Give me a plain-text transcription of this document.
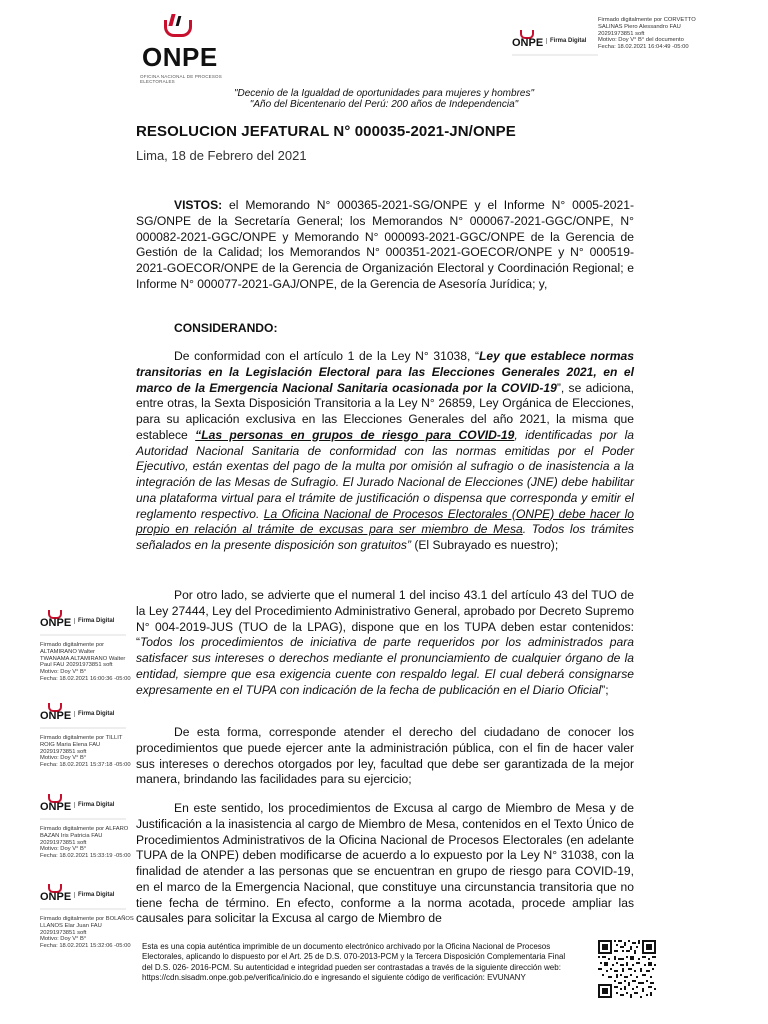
ONPE
OFICINA NACIONAL DE PROCESOS ELECTORALES
ONPE	Firma Digital
Firmado digitalmente por CORVETTO
SALINAS Piero Alessandro FAU
20291973851 soft
Motivo: Doy V° B° del documento
Fecha: 18.02.2021 16:04:49 -05:00
"Decenio de la Igualdad de oportunidades para mujeres y hombres"
"Año del Bicentenario del Perú: 200 años de Independencia"
RESOLUCION JEFATURAL N° 000035-2021-JN/ONPE
Lima, 18 de Febrero del 2021

VISTOS: el Memorando N° 000365-2021-SG/ONPE y el Informe N° 0005-2021-SG/ONPE de la Secretaría General; los Memorandos N° 000067-2021-GGC/ONPE, N° 000082-2021-GGC/ONPE y Memorando N° 000093-2021-GGC/ONPE de la Gerencia de Gestión de la Calidad; los Memorandos N° 000351-2021-GOECOR/ONPE y N° 000519-2021-GOECOR/ONPE de la Gerencia de Organización Electoral y Coordinación Regional; e Informe N° 000077-2021-GAJ/ONPE, de la Gerencia de Asesoría Jurídica; y,

CONSIDERANDO:

De conformidad con el artículo 1 de la Ley N° 31038, “Ley que establece normas transitorias en la Legislación Electoral para las Elecciones Generales 2021, en el marco de la Emergencia Nacional Sanitaria ocasionada por la COVID-19”, se adiciona, entre otras, la Sexta Disposición Transitoria a la Ley N° 26859, Ley Orgánica de Elecciones, para su aplicación exclusiva en las Elecciones Generales del año 2021, la misma que establece “Las personas en grupos de riesgo para COVID-19, identificadas por la Autoridad Nacional Sanitaria de conformidad con las normas emitidas por el Poder Ejecutivo, están exentas del pago de la multa por omisión al sufragio o de inasistencia a la integración de las Mesas de Sufragio. El Jurado Nacional de Elecciones (JNE) debe habilitar una plataforma virtual para el trámite de justificación o dispensa que corresponda y emitir el reglamento respectivo. La Oficina Nacional de Procesos Electorales (ONPE) debe hacer lo propio en relación al trámite de excusas para ser miembro de Mesa. Todos los trámites señalados en la presente disposición son gratuitos” (El Subrayado es nuestro);

Por otro lado, se advierte que el numeral 1 del inciso 43.1 del artículo 43 del TUO de la Ley 27444, Ley del Procedimiento Administrativo General, aprobado por Decreto Supremo N° 004-2019-JUS (TUO de la LPAG), dispone que en los TUPA deben estar contenidos: “Todos los procedimientos de iniciativa de parte requeridos por los administrados para satisfacer sus intereses o derechos mediante el pronunciamiento de cualquier órgano de la entidad, siempre que esa exigencia cuente con respaldo legal. El cual deberá consignarse expresamente en el TUPA con indicación de la fecha de publicación en el Diario Oficial”;

De esta forma, corresponde atender el derecho del ciudadano de conocer los procedimientos que puede ejercer ante la administración pública, con el fin de hacer valer sus intereses o derechos otorgados por ley, facultad que debe ser garantizada de la mejor manera, brindando las facilidades para su ejercicio;

En este sentido, los procedimientos de Excusa al cargo de Miembro de Mesa y de Justificación a la inasistencia al cargo de Miembro de Mesa, contenidos en el Texto Único de Procedimientos Administrativos de la Oficina Nacional de Procesos Electorales (en adelante TUPA de la ONPE) deben modificarse de acuerdo a lo expuesto por la Ley N° 31038, con la finalidad de atender a las personas que se encuentran en grupo de riesgo para COVID-19, en el marco de la Emergencia Nacional, que constituye una circunstancia transitoria que no tiene fecha de término. En efecto, conforme a la norma acotada, procede ampliar las causales para solicitar la Excusa al cargo de Miembro de

ONPE	Firma Digital
Firmado digitalmente por ALTAMIRANO Walter
TWANAMA ALTAMIRANO Walter
Paul FAU 20291973851 soft
Motivo: Doy V° B°
Fecha: 18.02.2021 16:00:36 -05:00
ONPE	Firma Digital
Firmado digitalmente por TILLIT
ROIG Maria Elena FAU
20291973851 soft
Motivo: Doy V° B°
Fecha: 18.02.2021 15:37:18 -05:00
ONPE	Firma Digital
Firmado digitalmente por ALFARO
BAZAN Iris Patricia FAU
20291973851 soft
Motivo: Doy V° B°
Fecha: 18.02.2021 15:33:19 -05:00
ONPE	Firma Digital
Firmado digitalmente por BOLAÑOS
LLANOS Elar Juan FAU
20291973851 soft
Motivo: Doy V° B°
Fecha: 18.02.2021 15:32:06 -05:00	Esta es una copia auténtica imprimible de un documento electrónico archivado por la Oficina Nacional de Procesos Electorales, aplicando lo dispuesto por el Art. 25 de D.S. 070-2013-PCM y la Tercera Disposición Complementaria Final del D.S. 026- 2016-PCM. Su autenticidad e integridad pueden ser contrastadas a través de la siguiente dirección web: https://cdn.sisadm.onpe.gob.pe/verifica/inicio.do e ingresando el siguiente código de verificación: EVUNANY
